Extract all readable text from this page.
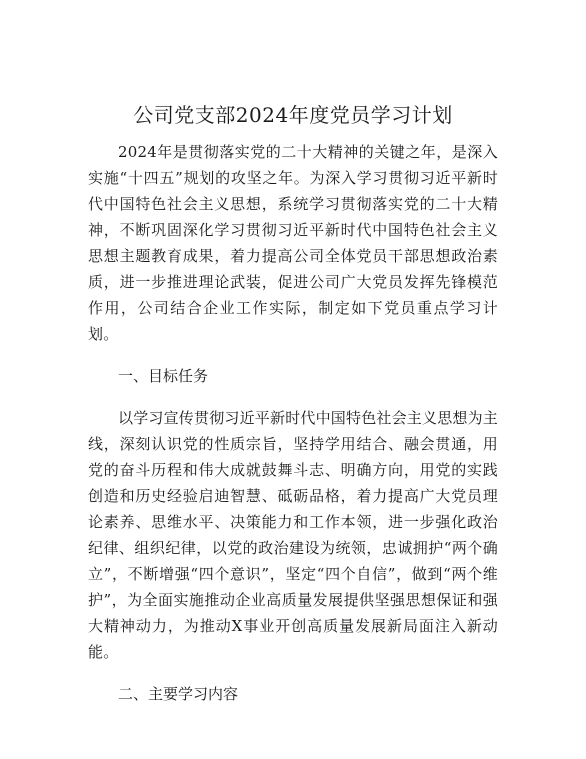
公司党支部2024年度党员学习计划

2024年是贯彻落实党的二十大精神的关键之年，是深入实施“十四五”规划的攻坚之年。为深入学习贯彻习近平新时代中国特色社会主义思想，系统学习贯彻落实党的二十大精神，不断巩固深化学习贯彻习近平新时代中国特色社会主义思想主题教育成果，着力提高公司全体党员干部思想政治素质，进一步推进理论武装，促进公司广大党员发挥先锋模范作用，公司结合企业工作实际，制定如下党员重点学习计划。

一、目标任务

以学习宣传贯彻习近平新时代中国特色社会主义思想为主线，深刻认识党的性质宗旨，坚持学用结合、融会贯通，用党的奋斗历程和伟大成就鼓舞斗志、明确方向，用党的实践创造和历史经验启迪智慧、砥砺品格，着力提高广大党员理论素养、思维水平、决策能力和工作本领，进一步强化政治纪律、组织纪律，以党的政治建设为统领，忠诚拥护“两个确立”，不断增强“四个意识”，坚定“四个自信”，做到“两个维护”，为全面实施推动企业高质量发展提供坚强思想保证和强大精神动力，为推动X事业开创高质量发展新局面注入新动能。

二、主要学习内容
